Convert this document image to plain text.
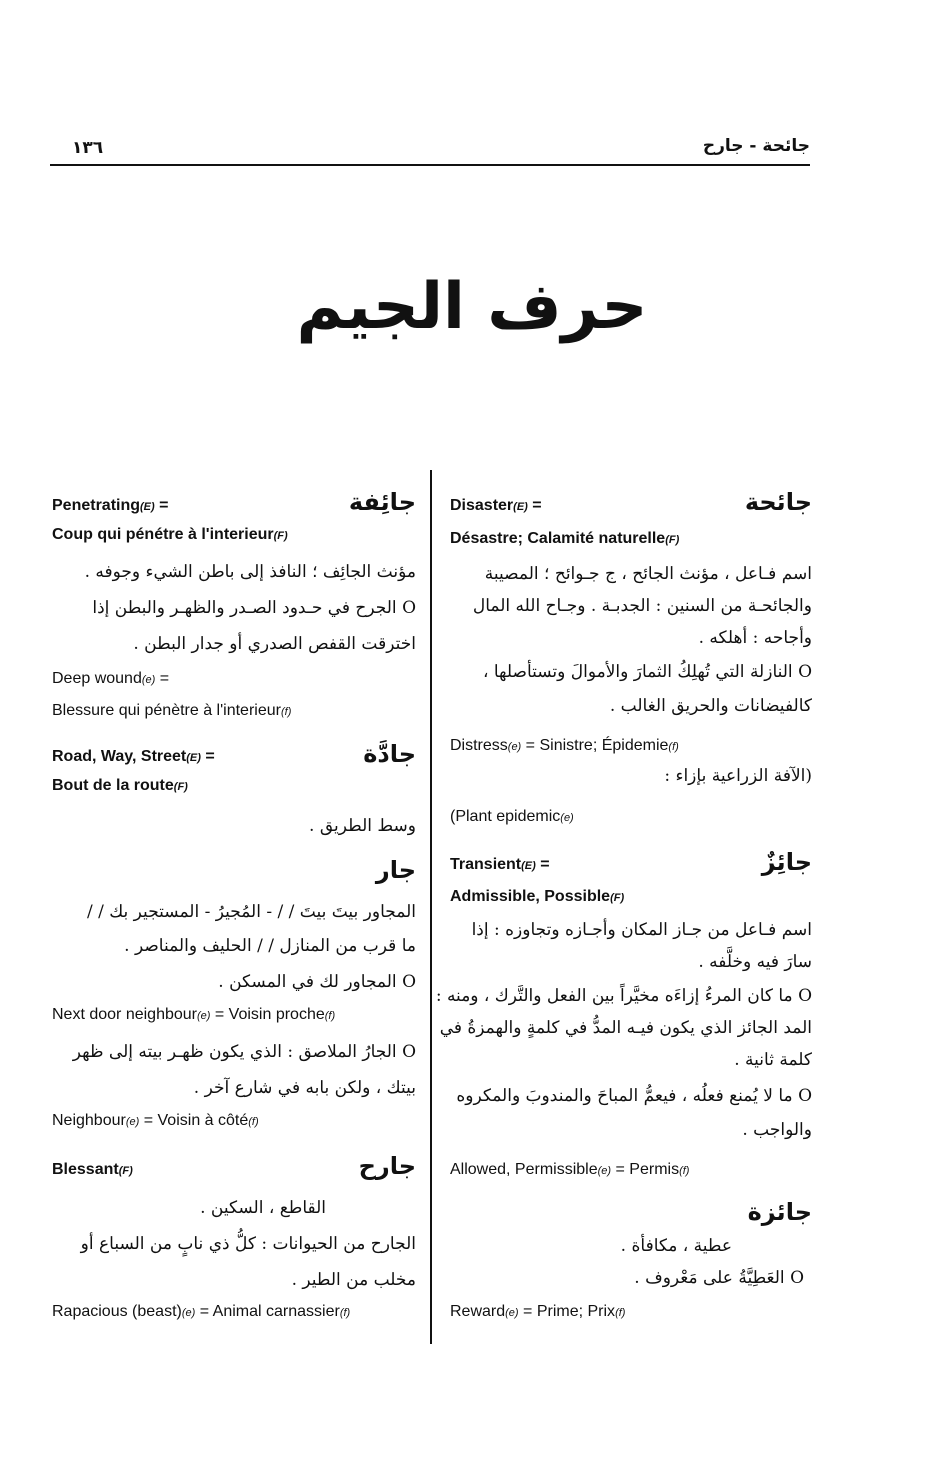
١٣٦	جائحة - جارح
حرف الجيم
جائحة
Disaster(E) =
Désastre; Calamité naturelle(F)
اسم فـاعل ، مؤنث الجائح ، ج جـوائح ؛ المصيبة
والجائحـة من السنين : الجدبـة . وجـاح الله المال
وأجاحه : أهلكه .
O النازلة التي تُهلِكُ الثمارَ والأموالَ وتستأصلها ،
كالفيضانات والحريق الغالب .
Distress(e) = Sinistre; Épidemie(f)
(الآفة الزراعية بإزاء :
(Plant epidemic(e)
جائِزٌ
Transient(E) =
Admissible, Possible(F)
اسم فـاعل من جـاز المكان وأجـازه وتجاوزه : إذا
سارَ فيه وخلَّفه .
O ما كان المرءُ إزاءَه مخيَّراً بين الفعل والتَّرك ، ومنه :
المد الجائز الذي يكون فيـه المدُّ في كلمةٍ والهمزةُ في
كلمة ثانية .
O ما لا يُمنع فعلُه ، فيعمُّ المباحَ والمندوبَ والمكروه
والواجب .
Allowed, Permissible(e) = Permis(f)
جائزة
عطية ، مكافأة .
O العَطِيَّةُ على مَعْروف .
Reward(e) = Prime; Prix(f)
جائِفة
Penetrating(E) =
Coup qui pénétre à l'interieur(F)
مؤنث الجائِف ؛ النافذ إلى باطن الشيء وجوفه .
O الجرح في حـدود الصـدر والظهـر والبطن إذا
اخترقت القفص الصدري أو جدار البطن .
Deep wound(e) =
Blessure qui pénètre à l'interieur(f)
جادَّة
Road, Way, Street(E) =
Bout de la route(F)
وسط الطريق .
جار
المجاور بيتَ بيتَ / / - المُجيرُ - المستجير بك / /
ما قرب من المنازل / / الحليف والمناصر .
O المجاور لك في المسكن .
Next door neighbour(e) = Voisin proche(f)
O الجارُ الملاصق : الذي يكون ظهـر بيته إلى ظهر
بيتك ، ولكن بابه في شارع آخر .
Neighbour(e) = Voisin à côté(f)
جارح
Blessant(F)
القاطع ، السكين .
الجارح من الحيوانات : كلُّ ذي نابٍ من السباع أو
مخلب من الطير .
Rapacious (beast)(e) = Animal carnassier(f)
